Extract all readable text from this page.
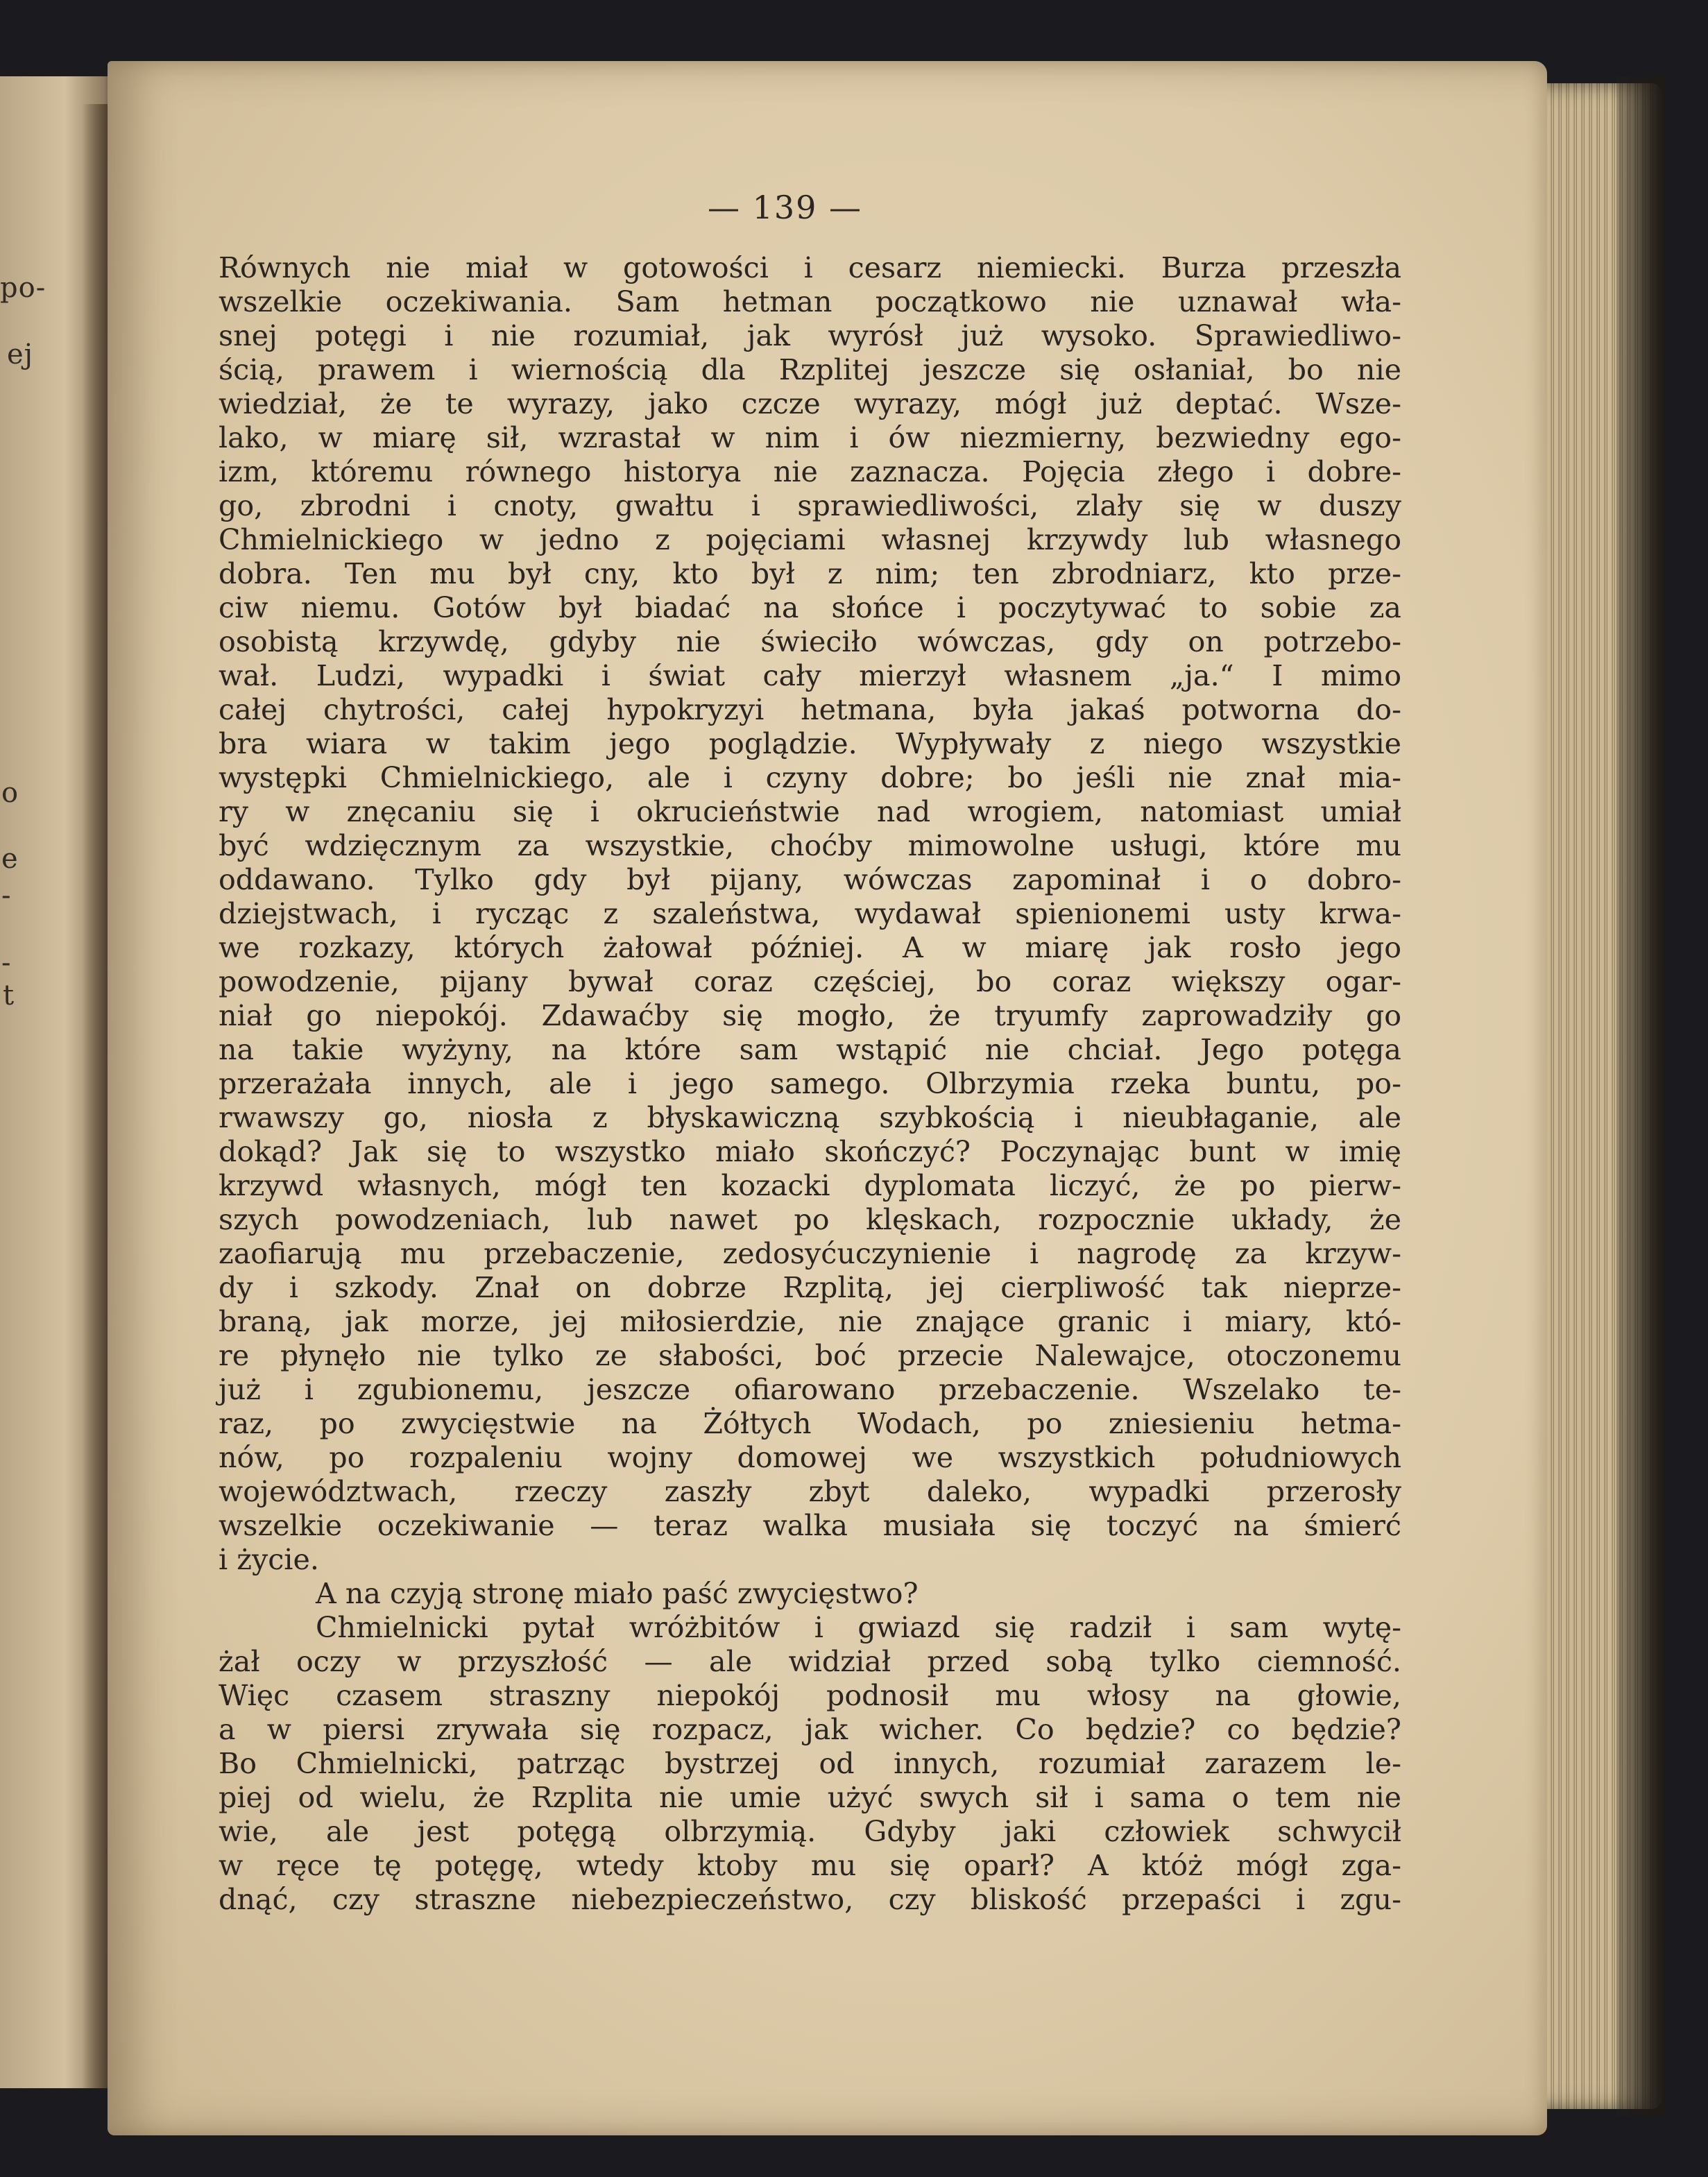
po-
ej
o
e
-
-
t
— 139 —
Równych nie miał w gotowości i cesarz niemiecki. Burza przeszła
wszelkie oczekiwania. Sam hetman początkowo nie uznawał wła-
snej potęgi i nie rozumiał, jak wyrósł już wysoko. Sprawiedliwo-
ścią, prawem i wiernością dla Rzplitej jeszcze się osłaniał, bo nie
wiedział, że te wyrazy, jako czcze wyrazy, mógł już deptać. Wsze-
lako, w miarę sił, wzrastał w nim i ów niezmierny, bezwiedny ego-
izm, któremu równego historya nie zaznacza. Pojęcia złego i dobre-
go, zbrodni i cnoty, gwałtu i sprawiedliwości, zlały się w duszy
Chmielnickiego w jedno z pojęciami własnej krzywdy lub własnego
dobra. Ten mu był cny, kto był z nim; ten zbrodniarz, kto prze-
ciw niemu. Gotów był biadać na słońce i poczytywać to sobie za
osobistą krzywdę, gdyby nie świeciło wówczas, gdy on potrzebo-
wał. Ludzi, wypadki i świat cały mierzył własnem „ja.“ I mimo
całej chytrości, całej hypokryzyi hetmana, była jakaś potworna do-
bra wiara w takim jego poglądzie. Wypływały z niego wszystkie
występki Chmielnickiego, ale i czyny dobre; bo jeśli nie znał mia-
ry w znęcaniu się i okrucieństwie nad wrogiem, natomiast umiał
być wdzięcznym za wszystkie, choćby mimowolne usługi, które mu
oddawano. Tylko gdy był pijany, wówczas zapominał i o dobro-
dziejstwach, i rycząc z szaleństwa, wydawał spienionemi usty krwa-
we rozkazy, których żałował później. A w miarę jak rosło jego
powodzenie, pijany bywał coraz częściej, bo coraz większy ogar-
niał go niepokój. Zdawaćby się mogło, że tryumfy zaprowadziły go
na takie wyżyny, na które sam wstąpić nie chciał. Jego potęga
przerażała innych, ale i jego samego. Olbrzymia rzeka buntu, po-
rwawszy go, niosła z błyskawiczną szybkością i nieubłaganie, ale
dokąd? Jak się to wszystko miało skończyć? Poczynając bunt w imię
krzywd własnych, mógł ten kozacki dyplomata liczyć, że po pierw-
szych powodzeniach, lub nawet po klęskach, rozpocznie układy, że
zaofiarują mu przebaczenie, zedosyćuczynienie i nagrodę za krzyw-
dy i szkody. Znał on dobrze Rzplitą, jej cierpliwość tak nieprze-
braną, jak morze, jej miłosierdzie, nie znające granic i miary, któ-
re płynęło nie tylko ze słabości, boć przecie Nalewajce, otoczonemu
już i zgubionemu, jeszcze ofiarowano przebaczenie. Wszelako te-
raz, po zwycięstwie na Żółtych Wodach, po zniesieniu hetma-
nów, po rozpaleniu wojny domowej we wszystkich południowych
województwach, rzeczy zaszły zbyt daleko, wypadki przerosły
wszelkie oczekiwanie — teraz walka musiała się toczyć na śmierć
i życie.
A na czyją stronę miało paść zwycięstwo?
Chmielnicki pytał wróżbitów i gwiazd się radził i sam wytę-
żał oczy w przyszłość — ale widział przed sobą tylko ciemność.
Więc czasem straszny niepokój podnosił mu włosy na głowie,
a w piersi zrywała się rozpacz, jak wicher. Co będzie? co będzie?
Bo Chmielnicki, patrząc bystrzej od innych, rozumiał zarazem le-
piej od wielu, że Rzplita nie umie użyć swych sił i sama o tem nie
wie, ale jest potęgą olbrzymią. Gdyby jaki człowiek schwycił
w ręce tę potęgę, wtedy ktoby mu się oparł? A któż mógł zga-
dnąć, czy straszne niebezpieczeństwo, czy bliskość przepaści i zgu-
